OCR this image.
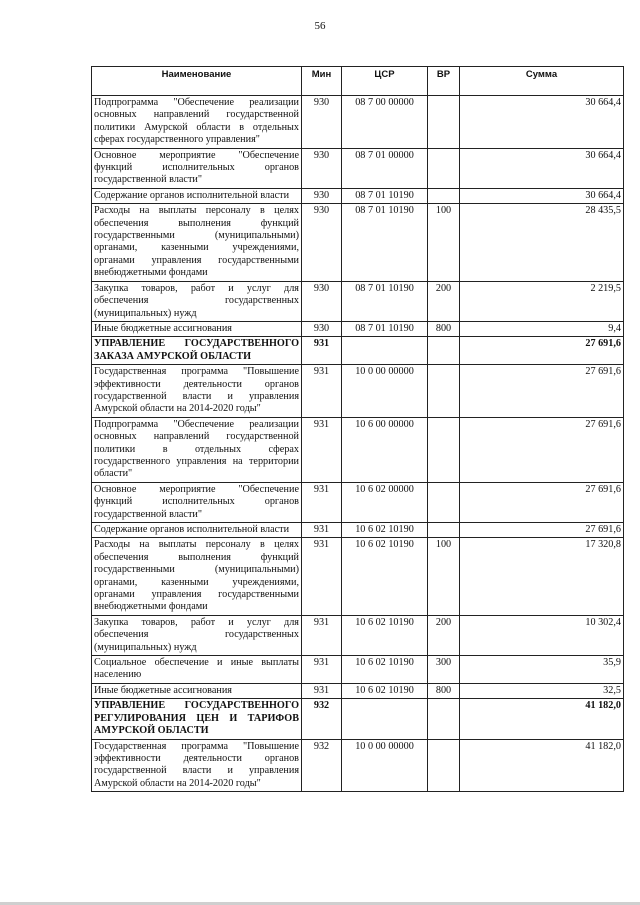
56
Наименование	Мин	ЦСР	ВР	Сумма
Подпрограмма "Обеспечение реализации основных направлений государственной политики Амурской области в отдельных сферах государственного управления"	930	08 7 00 00000		30 664,4
Основное мероприятие "Обеспечение функций исполнительных органов государственной власти"	930	08 7 01 00000		30 664,4
Содержание органов исполнительной власти	930	08 7 01 10190		30 664,4
Расходы на выплаты персоналу в целях обеспечения выполнения функций государственными (муниципальными) органами, казенными учреждениями, органами управления государственными внебюджетными фондами	930	08 7 01 10190	100	28 435,5
Закупка товаров, работ и услуг для обеспечения государственных (муниципальных) нужд	930	08 7 01 10190	200	2 219,5
Иные бюджетные ассигнования	930	08 7 01 10190	800	9,4
УПРАВЛЕНИЕ ГОСУДАРСТВЕННОГО ЗАКАЗА АМУРСКОЙ ОБЛАСТИ	931			27 691,6
Государственная программа "Повышение эффективности деятельности органов государственной власти и управления Амурской области на 2014-2020 годы"	931	10 0 00 00000		27 691,6
Подпрограмма "Обеспечение реализации основных направлений государственной политики в отдельных сферах государственного управления на территории области"	931	10 6 00 00000		27 691,6
Основное мероприятие "Обеспечение функций исполнительных органов государственной власти"	931	10 6 02 00000		27 691,6
Содержание органов исполнительной власти	931	10 6 02 10190		27 691,6
Расходы на выплаты персоналу в целях обеспечения выполнения функций государственными (муниципальными) органами, казенными учреждениями, органами управления государственными внебюджетными фондами	931	10 6 02 10190	100	17 320,8
Закупка товаров, работ и услуг для обеспечения государственных (муниципальных) нужд	931	10 6 02 10190	200	10 302,4
Социальное обеспечение и иные выплаты населению	931	10 6 02 10190	300	35,9
Иные бюджетные ассигнования	931	10 6 02 10190	800	32,5
УПРАВЛЕНИЕ ГОСУДАРСТВЕННОГО РЕГУЛИРОВАНИЯ ЦЕН И ТАРИФОВ АМУРСКОЙ ОБЛАСТИ	932			41 182,0
Государственная программа "Повышение эффективности деятельности органов государственной власти и управления Амурской области на 2014-2020 годы"	932	10 0 00 00000		41 182,0
